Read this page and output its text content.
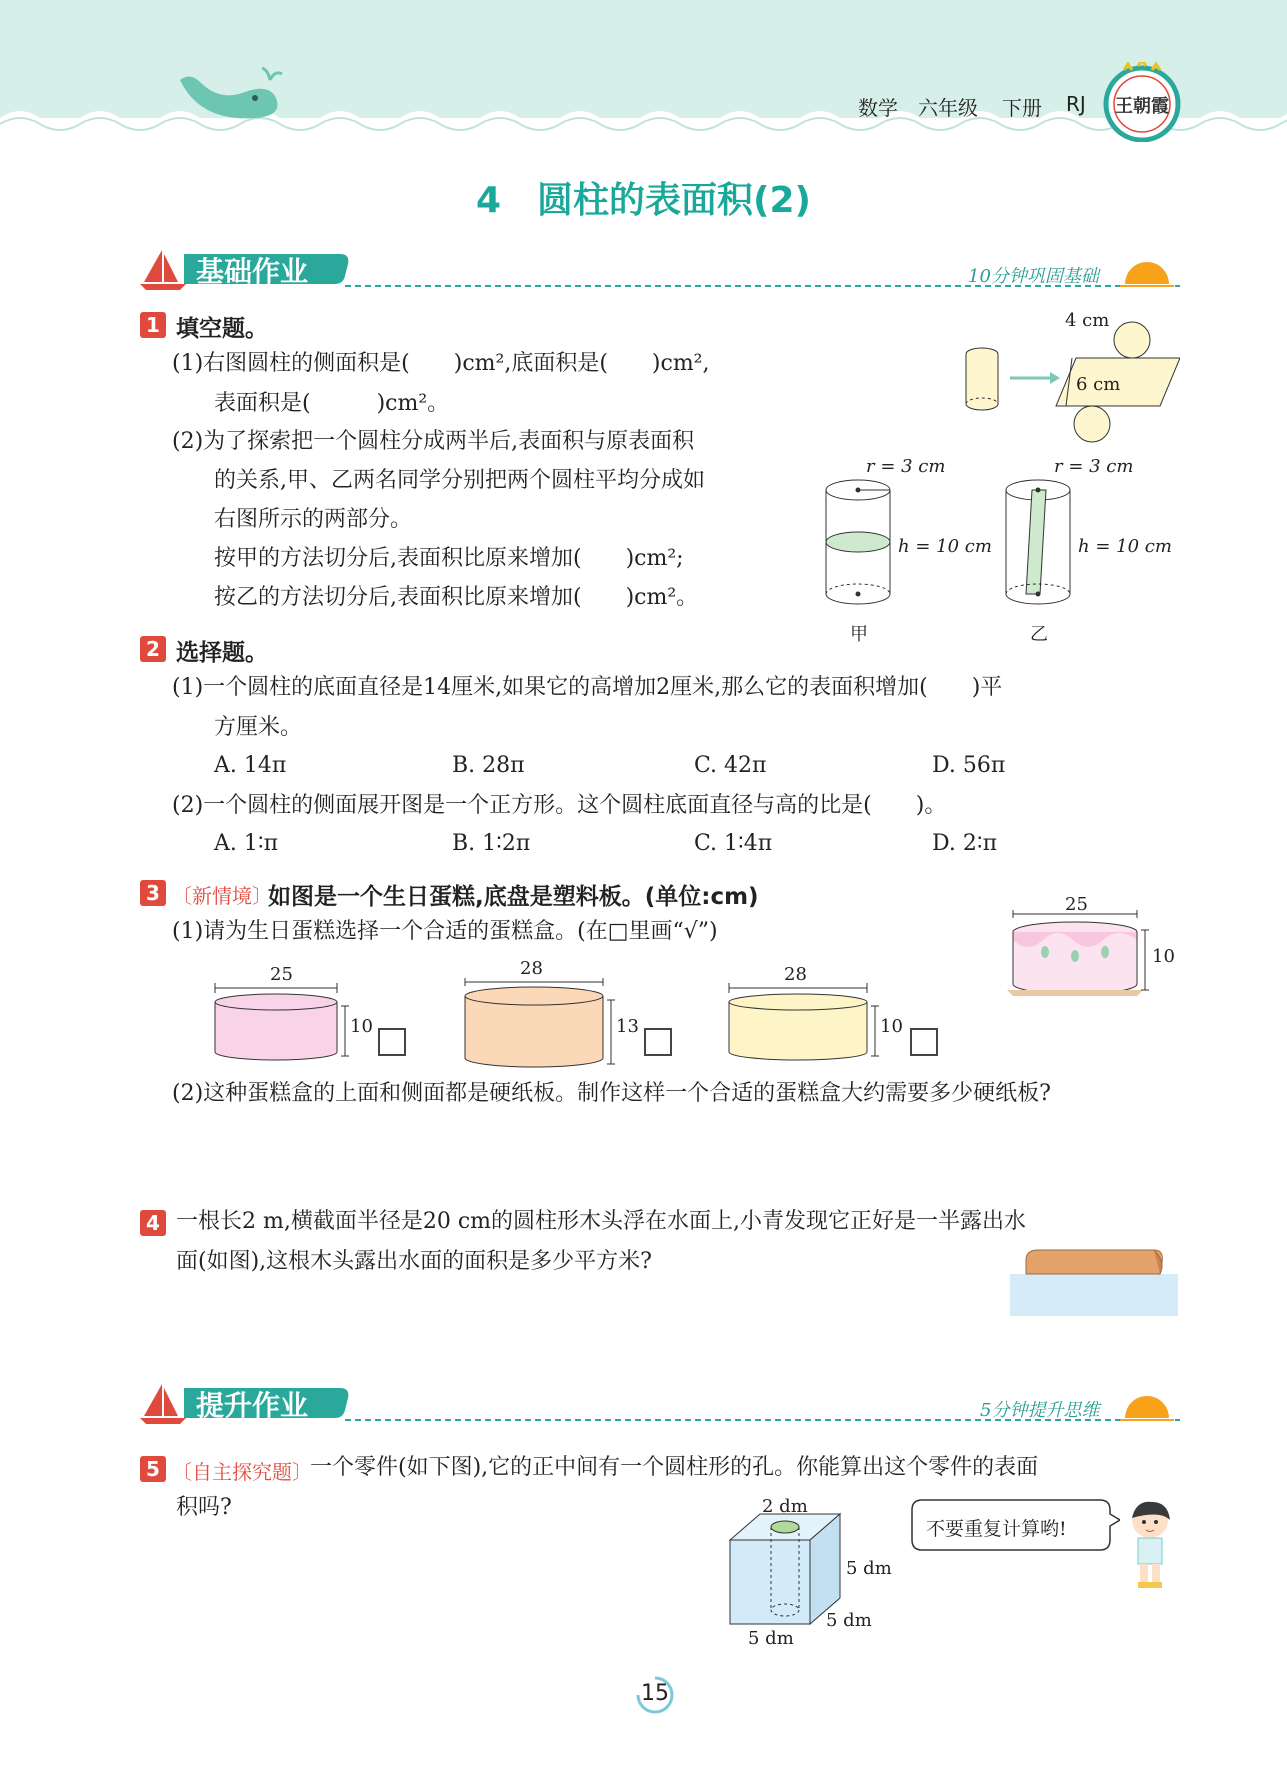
数学 六年级 下册 RJ	王朝霞
4　圆柱的表面积(2)
基础作业	10分钟巩固基础
1 填空题。
(1)右图圆柱的侧面积是(　　)cm²,底面积是(　　)cm²,
表面积是(　　　)cm²。
(2)为了探索把一个圆柱分成两半后,表面积与原表面积
的关系,甲、乙两名同学分别把两个圆柱平均分成如
右图所示的两部分。
按甲的方法切分后,表面积比原来增加(　　)cm²;
按乙的方法切分后,表面积比原来增加(　　)cm²。
4 cm
6 cm
r = 3 cm
h = 10 cm
甲
r = 3 cm
h = 10 cm
乙
2 选择题。
(1)一个圆柱的底面直径是14厘米,如果它的高增加2厘米,那么它的表面积增加(　　)平
方厘米。
A. 14π	B. 28π	C. 42π	D. 56π
(2)一个圆柱的侧面展开图是一个正方形。这个圆柱底面直径与高的比是(　　)。
A. 1∶π	B. 1∶2π	C. 1∶4π	D. 2∶π
3 〔新情境〕
如图是一个生日蛋糕,底盘是塑料板。(单位:cm)
(1)请为生日蛋糕选择一个合适的蛋糕盒。(在□里画“√”)
25
10
25
10
28
13
28
10
(2)这种蛋糕盒的上面和侧面都是硬纸板。制作这样一个合适的蛋糕盒大约需要多少硬纸板?
4 一根长2 m,横截面半径是20 cm的圆柱形木头浮在水面上,小青发现它正好是一半露出水
面(如图),这根木头露出水面的面积是多少平方米?
提升作业	5分钟提升思维
5 〔自主探究题〕
一个零件(如下图),它的正中间有一个圆柱形的孔。你能算出这个零件的表面
积吗?	2 dm
5 dm
5 dm
5 dm
不要重复计算哟!
15
